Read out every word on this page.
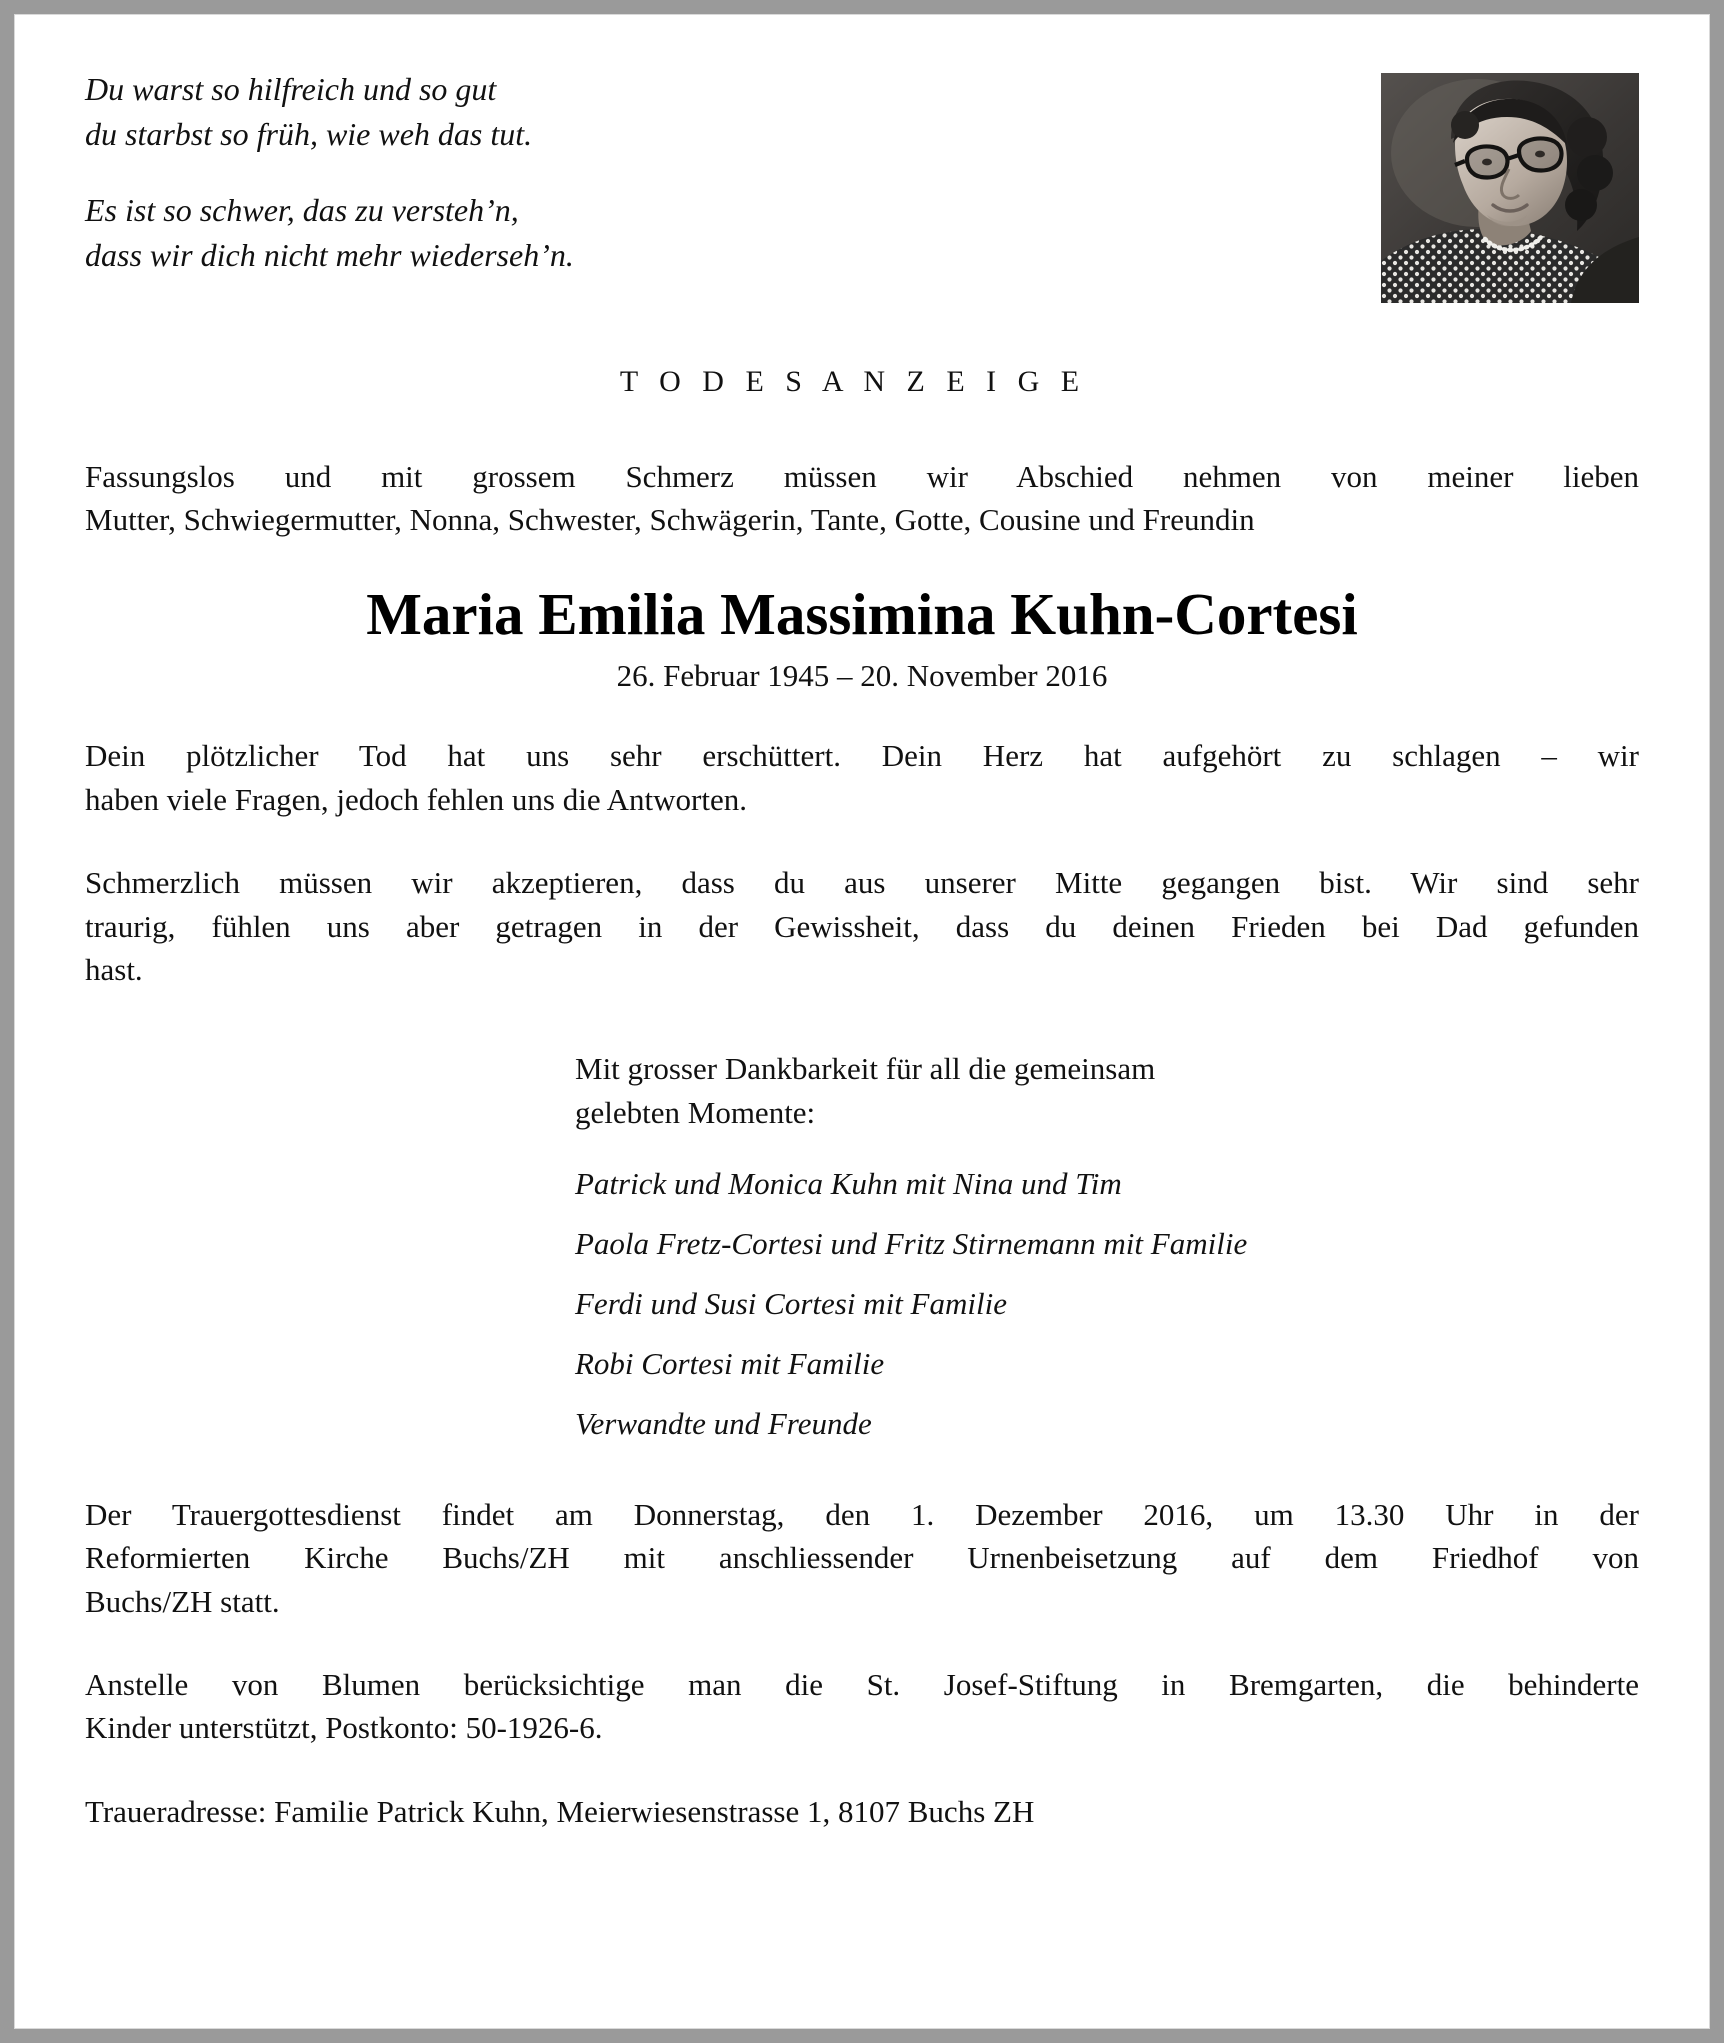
Du warst so hilfreich und so gut
du starbst so früh, wie weh das tut.
Es ist so schwer, das zu versteh’n,
dass wir dich nicht mehr wiederseh’n.
T O D E S A N Z E I G E
Fassungslos und mit grossem Schmerz müssen wir Abschied nehmen von meiner lieben
Mutter, Schwiegermutter, Nonna, Schwester, Schwägerin, Tante, Gotte, Cousine und Freundin
Maria Emilia Massimina Kuhn-Cortesi
26. Februar 1945 – 20. November 2016
Dein plötzlicher Tod hat uns sehr erschüttert. Dein Herz hat aufgehört zu schlagen – wir
haben viele Fragen, jedoch fehlen uns die Antworten.
Schmerzlich müssen wir akzeptieren, dass du aus unserer Mitte gegangen bist. Wir sind sehr
traurig, fühlen uns aber getragen in der Gewissheit, dass du deinen Frieden bei Dad gefunden
hast.
Mit grosser Dankbarkeit für all die gemeinsam
gelebten Momente:
Patrick und Monica Kuhn mit Nina und Tim
Paola Fretz-Cortesi und Fritz Stirnemann mit Familie
Ferdi und Susi Cortesi mit Familie
Robi Cortesi mit Familie
Verwandte und Freunde
Der Trauergottesdienst findet am Donnerstag, den 1. Dezember 2016, um 13.30 Uhr in der
Reformierten Kirche Buchs/ZH mit anschliessender Urnenbeisetzung auf dem Friedhof von
Buchs/ZH statt.
Anstelle von Blumen berücksichtige man die St. Josef-Stiftung in Bremgarten, die behinderte
Kinder unterstützt, Postkonto: 50-1926-6.
Traueradresse: Familie Patrick Kuhn, Meierwiesenstrasse 1, 8107 Buchs ZH
